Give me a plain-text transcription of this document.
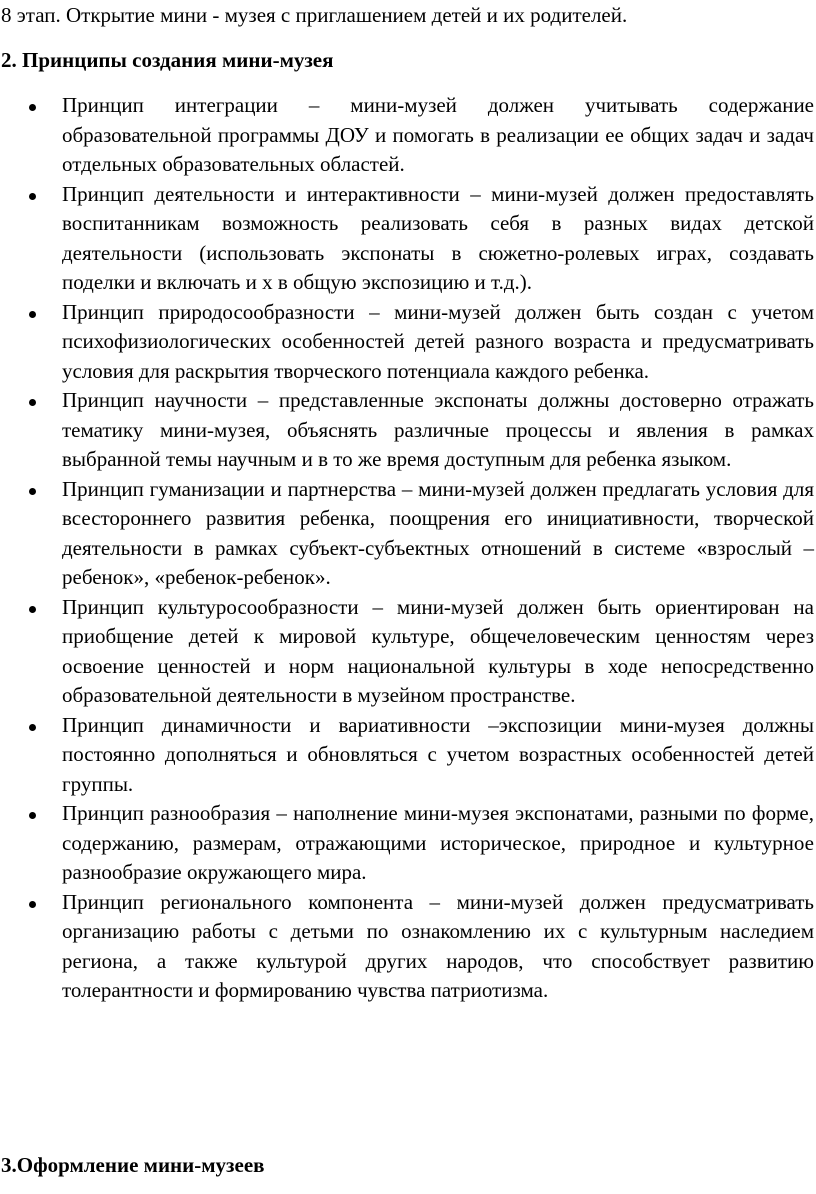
8 этап. Открытие мини - музея с приглашением детей и их родителей.
2. Принципы создания мини-музея
Принцип интеграции – мини-музей должен учитывать содержание образовательной программы ДОУ и помогать в реализации ее общих задач и задач отдельных образовательных областей.
Принцип деятельности и интерактивности – мини-музей должен предоставлять воспитанникам возможность реализовать себя в разных видах детской деятельности (использовать экспонаты в сюжетно-ролевых играх, создавать поделки и включать и х в общую экспозицию и т.д.).
Принцип природосообразности – мини-музей должен быть создан с учетом психофизиологических особенностей детей разного возраста и предусматривать условия для раскрытия творческого потенциала каждого ребенка.
Принцип научности – представленные экспонаты должны достоверно отражать тематику мини-музея, объяснять различные процессы и явления в рамках выбранной темы научным и в то же время доступным для ребенка языком.
Принцип гуманизации и партнерства – мини-музей должен предлагать условия для всестороннего развития ребенка, поощрения его инициативности, творческой деятельности в рамках субъект-субъектных отношений в системе «взрослый – ребенок», «ребенок-ребенок».
Принцип культуросообразности – мини-музей должен быть ориентирован на приобщение детей к мировой культуре, общечеловеческим ценностям через освоение ценностей и норм национальной культуры в ходе непосредственно образовательной деятельности в музейном пространстве.
Принцип динамичности и вариативности –экспозиции мини-музея должны постоянно дополняться и обновляться с учетом возрастных особенностей детей группы.
Принцип разнообразия – наполнение мини-музея экспонатами, разными по форме, содержанию, размерам, отражающими историческое, природное и культурное разнообразие окружающего мира.
Принцип регионального компонента – мини-музей должен предусматривать организацию работы с детьми по ознакомлению их с культурным наследием региона, а также культурой других народов, что способствует развитию толерантности и формированию чувства патриотизма.
3.Оформление мини-музеев
